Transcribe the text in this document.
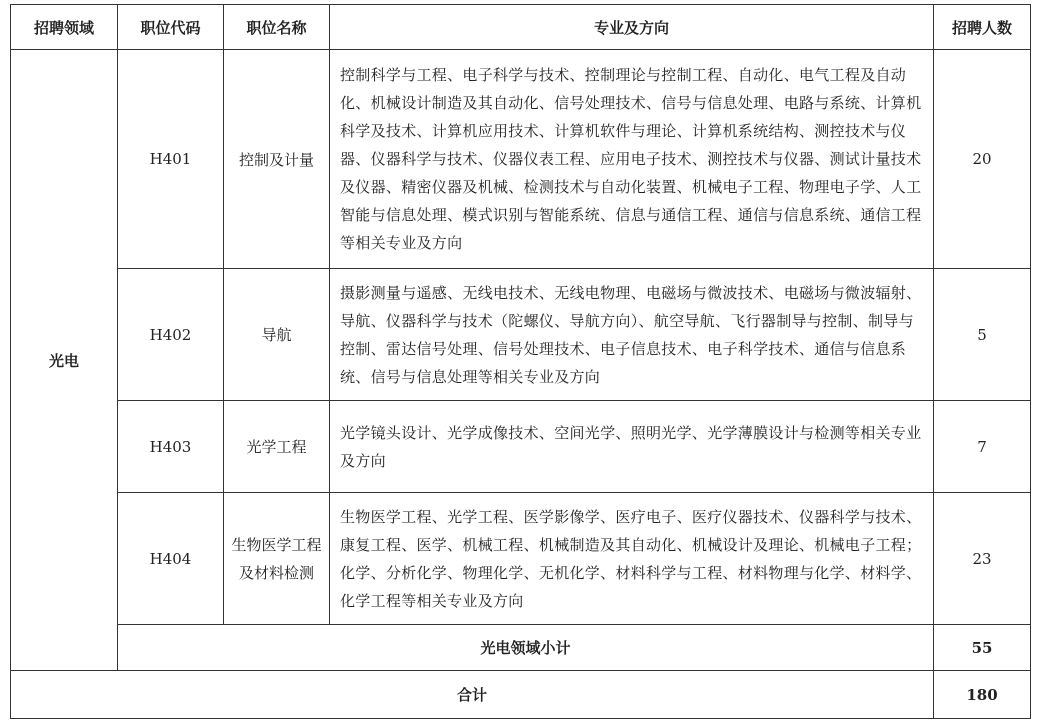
招聘领域	职位代码	职位名称	专业及方向	招聘人数
光电	H401	控制及计量	控制科学与工程、电子科学与技术、控制理论与控制工程、自动化、电气工程及自动化、机械设计制造及其自动化、信号处理技术、信号与信息处理、电路与系统、计算机科学及技术、计算机应用技术、计算机软件与理论、计算机系统结构、测控技术与仪器、仪器科学与技术、仪器仪表工程、应用电子技术、测控技术与仪器、测试计量技术及仪器、精密仪器及机械、检测技术与自动化装置、机械电子工程、物理电子学、人工智能与信息处理、模式识别与智能系统、信息与通信工程、通信与信息系统、通信工程等相关专业及方向	20
	H402	导航	摄影测量与遥感、无线电技术、无线电物理、电磁场与微波技术、电磁场与微波辐射、导航、仪器科学与技术（陀螺仪、导航方向）、航空导航、飞行器制导与控制、制导与控制、雷达信号处理、信号处理技术、电子信息技术、电子科学技术、通信与信息系统、信号与信息处理等相关专业及方向	5
	H403	光学工程	光学镜头设计、光学成像技术、空间光学、照明光学、光学薄膜设计与检测等相关专业及方向	7
	H404	生物医学工程及材料检测	生物医学工程、光学工程、医学影像学、医疗电子、医疗仪器技术、仪器科学与技术、康复工程、医学、机械工程、机械制造及其自动化、机械设计及理论、机械电子工程；化学、分析化学、物理化学、无机化学、材料科学与工程、材料物理与化学、材料学、化学工程等相关专业及方向	23
	光电领域小计			55
合计				180
